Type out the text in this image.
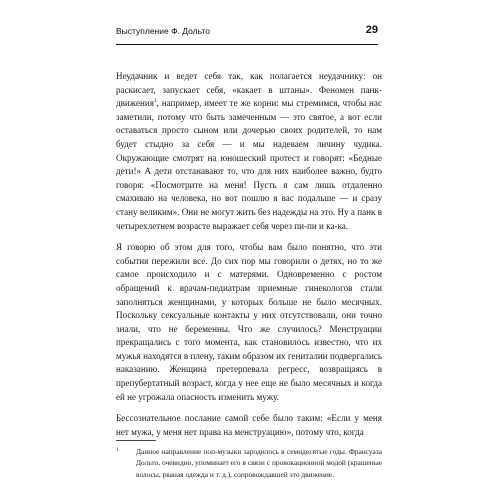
Выступление Ф. Дольто	29

Неудачник и ведет себя так, как полагается неудачнику: он раскисает, запускает себя, «какает в штаны». Феномен панк-движения$^1$, например, имеет те же корни: мы стремимся, чтобы нас заметили, потому что быть замеченным — это святое, а вот если оставаться просто сыном или дочерью своих родителей, то нам будет стыдно за себя — и мы надеваем личину чудика. Окружающие смотрят на юношеский протест и говорят: «Бедные дети!» А дети отстанавают то, что для них наиболее важно, будто говоря: «Посмотрите на меня! Пусть я сам лишь отдаленно смахиваю на человека, но вот пошлю я вас подальше — и сразу стану великим». Они не могут жить без надежды на это. Ну а панк в четырехлетнем возрасте выражает себя через пи-пи и ка-ка.

Я говорю об этом для того, чтобы вам было понятно, что эти события пережили все. До сих пор мы говорили о детях, но то же самое происходило и с матерями. Одновременно с ростом обращений к врачам-педиатрам приемные гинекологов стали заполняться женщинами, у которых больше не было месячных. Поскольку сексуальные контакты у них отсутствовали, они точно знали, что не беременны. Что же случилось? Менструации прекращались с того момента, как становилось известно, что их мужья находятся в плену, таким образом их гениталии подвергались наказанию. Женщина претерпевала регресс, возвращаясь в препубертатный возраст, когда у нее еще не было месячных и когда ей не угрожала опасность изменить мужу.

Бессознательное послание самой себе было таким: «Если у меня нет мужа, у меня нет права на менструацию», потому что, когда

1 Данное направление поп-музыки зародилось в семидесятые годы. Франсуаза Дольто, очевидно, упоминает его в связи с провокационной модой (крашеные волосы, рваная одежда и т. д.), сопровождавшей это движение.
